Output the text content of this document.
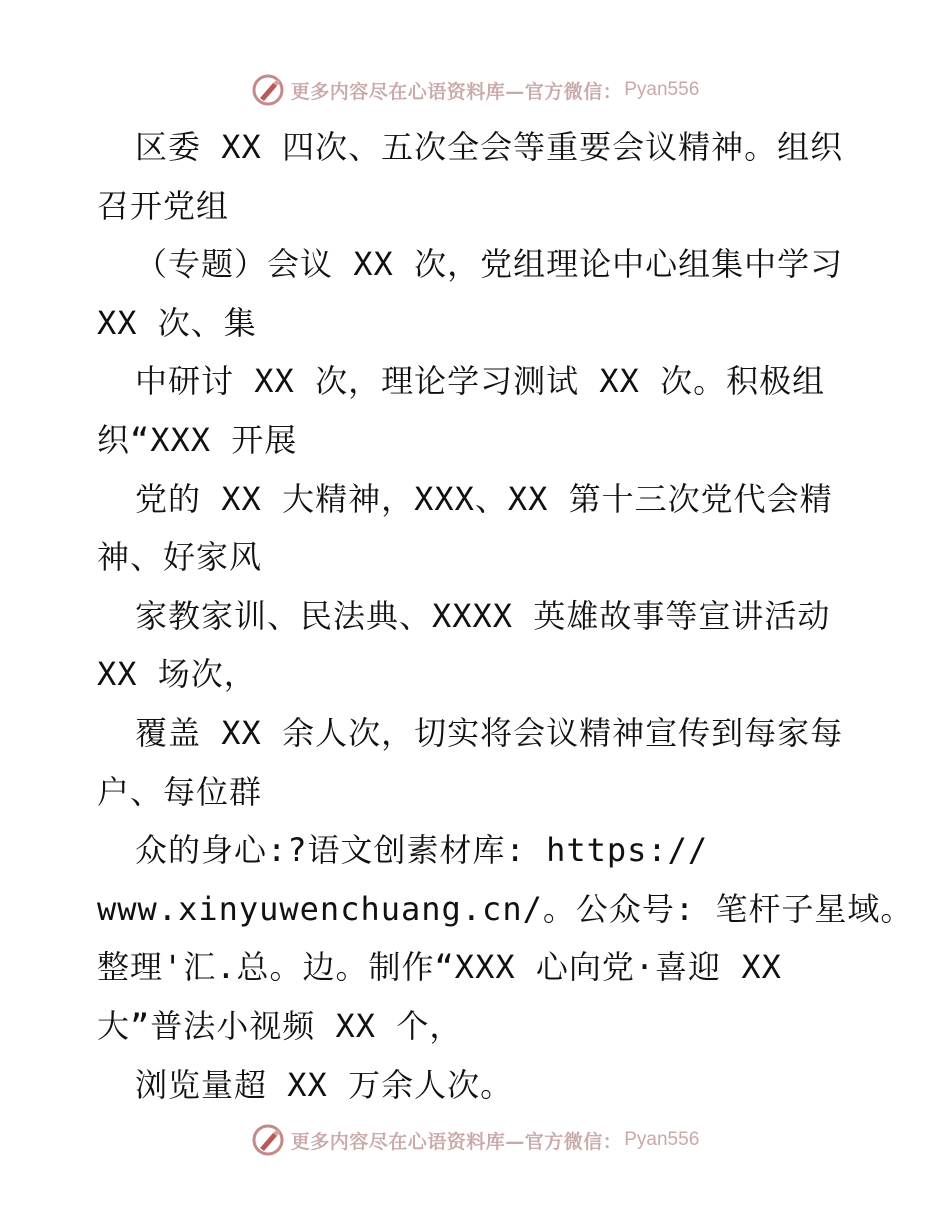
更多内容尽在心语资料库—官方微信： Pyan556
区委 XX 四次、五次全会等重要会议精神。组织
召开党组
（专题）会议 XX 次，党组理论中心组集中学习
XX 次、集
中研讨 XX 次，理论学习测试 XX 次。积极组
织“XXX 开展
党的 XX 大精神，XXX、XX 第十三次党代会精
神、好家风
家教家训、民法典、XXXX 英雄故事等宣讲活动
XX 场次，
覆盖 XX 余人次，切实将会议精神宣传到每家每
户、每位群
众的身心:?语文创素材库: https://
www.xinyuwenchuang.cn/。公众号: 笔杆子星域。
整理'汇.总。边。制作“XXX 心向党·喜迎 XX
大”普法小视频 XX 个，
浏览量超 XX 万余人次。
更多内容尽在心语资料库—官方微信： Pyan556
